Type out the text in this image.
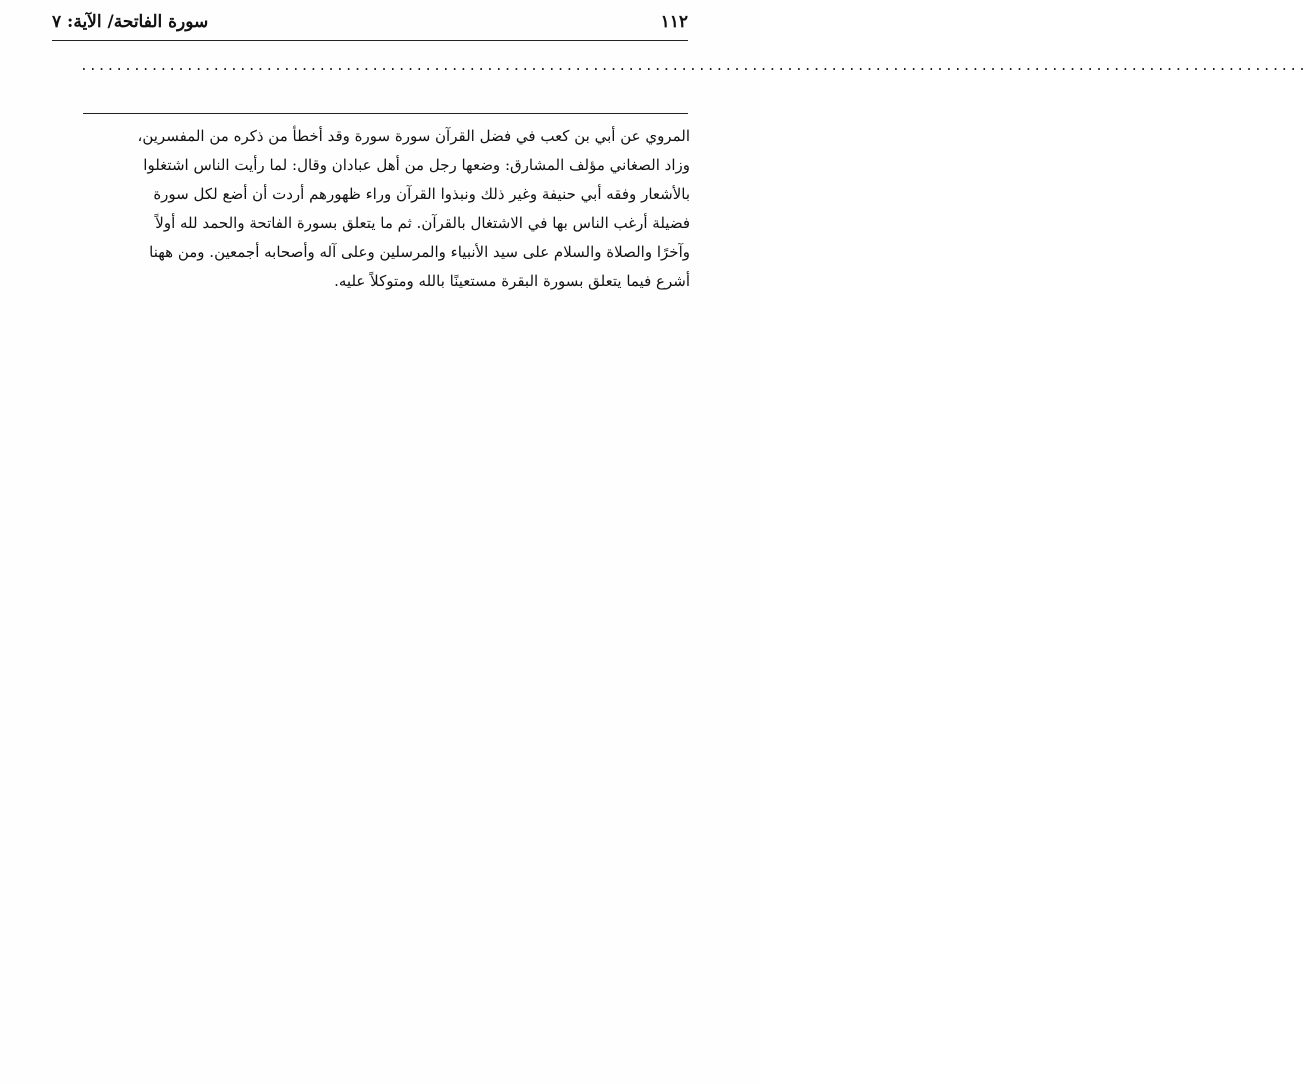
سورة الفاتحة/ الآية: ٧	١١٢
...........................................................................................................................................
المروي عن أبي بن كعب في فضل القرآن سورة سورة وقد أخطأ من ذكره من المفسرين،
وزاد الصغاني مؤلف المشارق: وضعها رجل من أهل عبادان وقال: لما رأيت الناس اشتغلوا
بالأشعار وفقه أبي حنيفة وغير ذلك ونبذوا القرآن وراء ظهورهم أردت أن أضع لكل سورة
فضيلة أرغب الناس بها في الاشتغال بالقرآن. ثم ما يتعلق بسورة الفاتحة والحمد لله أولاً
وآخرًا والصلاة والسلام على سيد الأنبياء والمرسلين وعلى آله وأصحابه أجمعين. ومن ههنا
أشرع فيما يتعلق بسورة البقرة مستعينًا بالله ومتوكلاً عليه.
